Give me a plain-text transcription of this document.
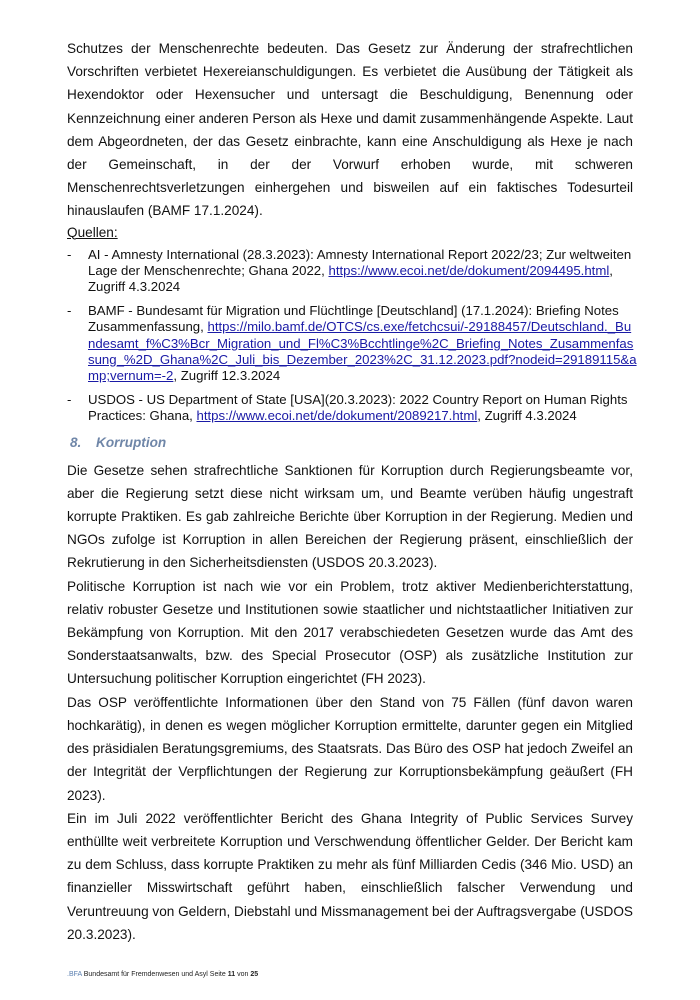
Schutzes der Menschenrechte bedeuten. Das Gesetz zur Änderung der strafrechtlichen Vorschriften verbietet Hexereianschuldigungen. Es verbietet die Ausübung der Tätigkeit als Hexendoktor oder Hexensucher und untersagt die Beschuldigung, Benennung oder Kennzeichnung einer anderen Person als Hexe und damit zusammenhängende Aspekte. Laut dem Abgeordneten, der das Gesetz einbrachte, kann eine Anschuldigung als Hexe je nach der Gemeinschaft, in der der Vorwurf erhoben wurde, mit schweren Menschenrechtsverletzungen einhergehen und bisweilen auf ein faktisches Todesurteil hinauslaufen (BAMF 17.1.2024).

Quellen:
- AI - Amnesty International (28.3.2023): Amnesty International Report 2022/23; Zur weltweiten Lage der Menschenrechte; Ghana 2022, https://www.ecoi.net/de/dokument/2094495.html, Zugriff 4.3.2024
- BAMF - Bundesamt für Migration und Flüchtlinge [Deutschland] (17.1.2024): Briefing Notes Zusammenfassung, https://milo.bamf.de/OTCS/cs.exe/fetchcsui/-29188457/Deutschland._Bundesamt_f%C3%Bcr_Migration_und_Fl%C3%Bcchtlinge%2C_Briefing_Notes_Zusammenfassung_%2D_Ghana%2C_Juli_bis_Dezember_2023%2C_31.12.2023.pdf?nodeid=29189115&amp;vernum=-2, Zugriff 12.3.2024
- USDOS - US Department of State [USA](20.3.2023): 2022 Country Report on Human Rights Practices: Ghana, https://www.ecoi.net/de/dokument/2089217.html, Zugriff 4.3.2024
8. Korruption

Die Gesetze sehen strafrechtliche Sanktionen für Korruption durch Regierungsbeamte vor, aber die Regierung setzt diese nicht wirksam um, und Beamte verüben häufig ungestraft korrupte Praktiken. Es gab zahlreiche Berichte über Korruption in der Regierung. Medien und NGOs zufolge ist Korruption in allen Bereichen der Regierung präsent, einschließlich der Rekrutierung in den Sicherheitsdiensten (USDOS 20.3.2023).

Politische Korruption ist nach wie vor ein Problem, trotz aktiver Medienberichterstattung, relativ robuster Gesetze und Institutionen sowie staatlicher und nichtstaatlicher Initiativen zur Bekämpfung von Korruption. Mit den 2017 verabschiedeten Gesetzen wurde das Amt des Sonderstaatsanwalts, bzw. des Special Prosecutor (OSP) als zusätzliche Institution zur Untersuchung politischer Korruption eingerichtet (FH 2023).

Das OSP veröffentlichte Informationen über den Stand von 75 Fällen (fünf davon waren hochkarätig), in denen es wegen möglicher Korruption ermittelte, darunter gegen ein Mitglied des präsidialen Beratungsgremiums, des Staatsrats. Das Büro des OSP hat jedoch Zweifel an der Integrität der Verpflichtungen der Regierung zur Korruptionsbekämpfung geäußert (FH 2023).

Ein im Juli 2022 veröffentlichter Bericht des Ghana Integrity of Public Services Survey enthüllte weit verbreitete Korruption und Verschwendung öffentlicher Gelder. Der Bericht kam zu dem Schluss, dass korrupte Praktiken zu mehr als fünf Milliarden Cedis (346 Mio. USD) an finanzieller Misswirtschaft geführt haben, einschließlich falscher Verwendung und Veruntreuung von Geldern, Diebstahl und Missmanagement bei der Auftragsvergabe (USDOS 20.3.2023).

.BFA Bundesamt für Fremdenwesen und Asyl Seite 11 von 25
